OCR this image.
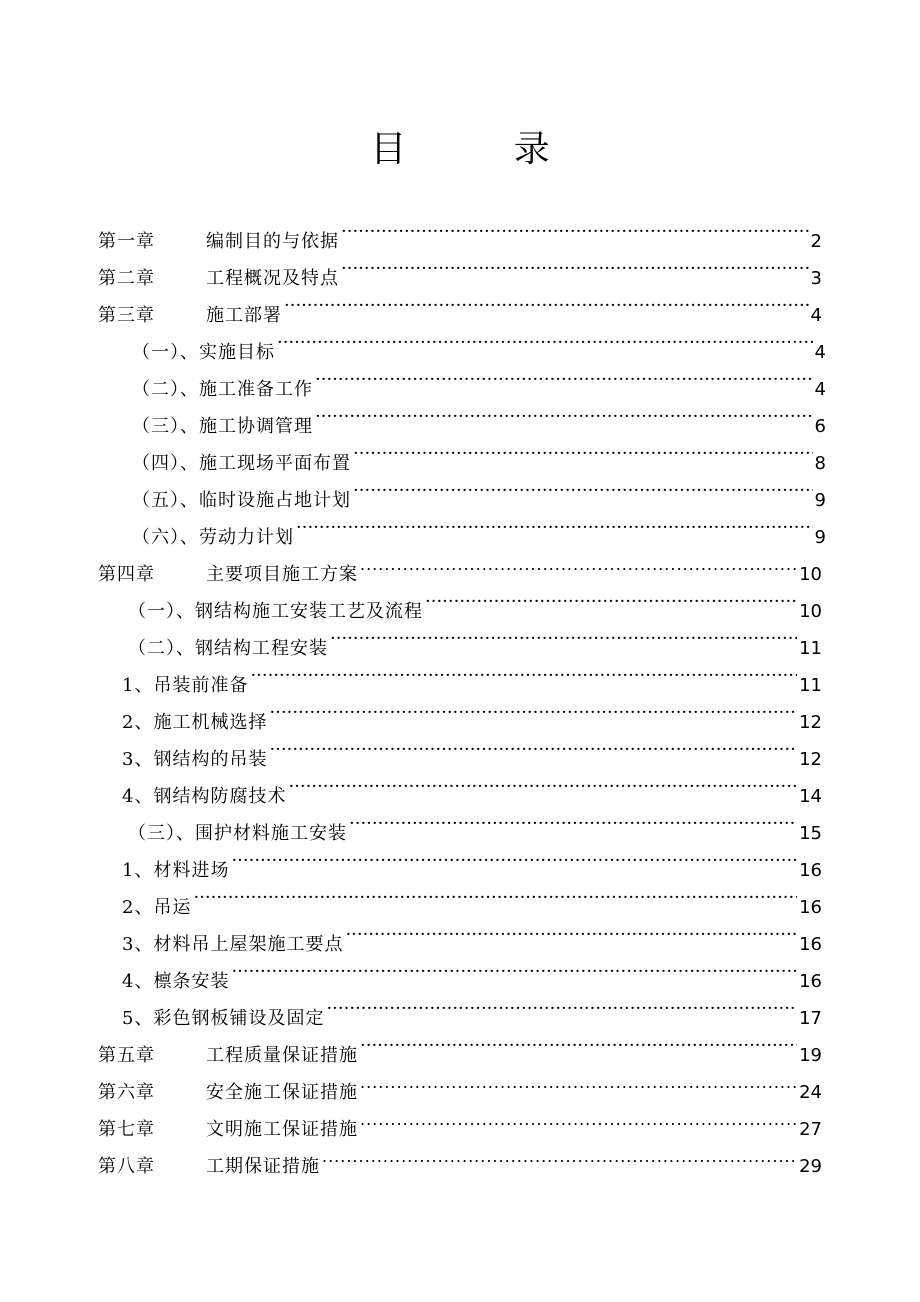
目 录
第一章	编制目的与依据 ·····	2
第二章	工程概况及特点 ·····	3
第三章	施工部署 ·····	4
（一）、实施目标 ·····	4
（二）、施工准备工作 ·····	4
（三）、施工协调管理 ·····	6
（四）、施工现场平面布置 ·····	8
（五）、临时设施占地计划 ·····	9
（六）、劳动力计划 ·····	9
第四章	主要项目施工方案 .....	10
（一）、钢结构施工安装工艺及流程 ·····	10
（二）、钢结构工程安装 ·····	11
1、吊装前准备 ·····	11
2、施工机械选择 ·····	12
3、钢结构的吊装 ·····	12
4、钢结构防腐技术 ·····	14
（三）、围护材料施工安装 ·····	15
1、材料进场 ·····	16
2、吊运 ·····	16
3、材料吊上屋架施工要点 ·····	16
4、檩条安装 ·····	16
5、彩色钢板铺设及固定 ·····	17
第五章	工程质量保证措施 ·····	19
第六章	安全施工保证措施 .....	24
第七章	文明施工保证措施 .....	27
第八章	工期保证措施 .....	29
